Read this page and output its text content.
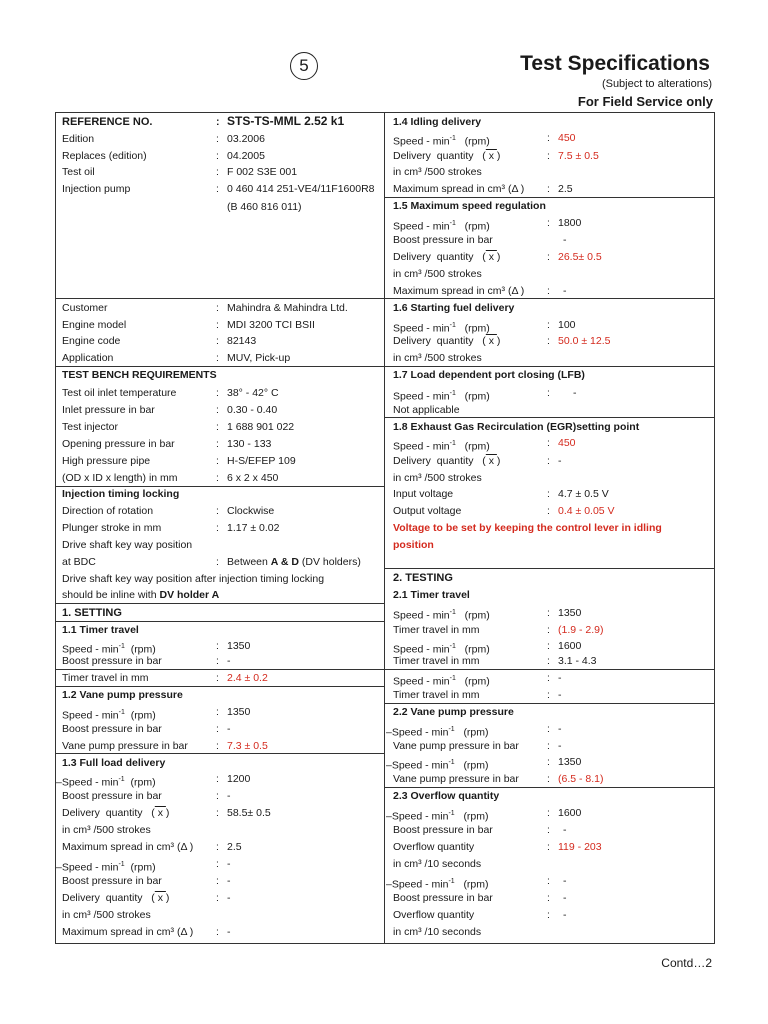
5	Test Specifications
(Subject to alterations)
For Field Service only
REFERENCE NO.	: STS-TS-MML 2.52 k1
Edition	: 03.2006
Replaces (edition)	: 04.2005
Test oil	: F 002 S3E 001
Injection pump	: 0 460 414 251-VE4/11F1600R8
(B 460 816 011)
Customer	: Mahindra & Mahindra Ltd.
Engine model	: MDI 3200 TCI BSII
Engine code	: 82143
Application	: MUV, Pick-up
TEST BENCH REQUIREMENTS
Test oil inlet temperature	: 38° - 42° C
Inlet pressure in bar	: 0.30 - 0.40
Test injector	: 1 688 901 022
Opening pressure in bar	: 130 - 133
High pressure pipe	: H-S/EFEP 109
(OD x ID x length) in mm	: 6 x 2 x 450
Injection timing locking
Direction of rotation	: Clockwise
Plunger stroke in mm	: 1.17 ± 0.02
Drive shaft key way position
at BDC	: Between A & D (DV holders)
Drive shaft key way position after injection timing locking
should be inline with DV holder A
1. SETTING
1.1 Timer travel
Speed - $\min^{-1} (rpm)$	: 1350
Boost pressure in bar	: -
Timer travel in mm	: 2.4 ± 0.2
1.2 Vane pump pressure
Speed - $\min^{-1} (rpm)$	: 1350
Boost pressure in bar	: -
Vane pump pressure in bar	: 7.3 ± 0.5
1.3 Full load delivery
–Speed - $\min^{-1} (rpm)$	: 1200
Boost pressure in bar	: -
Delivery  quantity   ( x )	: 58.5± 0.5
in cm³ /500 strokes
Maximum spread in cm³ (Δ ) : 2.5
–Speed - $\min^{-1} (rpm)$	: -
Boost pressure in bar	: -
Delivery  quantity   ( x )	: -
in cm³ /500 strokes
Maximum spread in cm³ (Δ ) : -
1.4 Idling delivery
Speed - $\min^{-1} (rpm)$	: 450
Delivery  quantity   ( x )	: 7.5 ± 0.5
in cm³ /500 strokes
Maximum spread in cm³ (Δ ) : 2.5
1.5 Maximum speed regulation
Speed - $\min^{-1} (rpm)$	: 1800
Boost pressure in bar	-
Delivery  quantity   ( x )	: 26.5± 0.5
in cm³ /500 strokes
Maximum spread in cm³ (Δ ) : -
1.6 Starting fuel delivery
Speed - $\min^{-1} (rpm)$	: 100
Delivery  quantity   ( x )	: 50.0 ± 12.5
in cm³ /500 strokes
1.7 Load dependent port closing (LFB)
Speed - $\min^{-1} (rpm)$	: -
Not applicable
1.8 Exhaust Gas Recirculation (EGR)setting point
Speed - $\min^{-1} (rpm)$	: 450
Delivery  quantity   ( x )	: -
in cm³ /500 strokes
Input voltage	: 4.7 ± 0.5 V
Output voltage	: 0.4 ± 0.05 V
Voltage to be set by keeping the control lever in idling
position
2. TESTING
2.1 Timer travel
Speed - $\min^{-1} (rpm)$	: 1350
Timer travel in mm	: (1.9 - 2.9)
Speed - $\min^{-1} (rpm)$	: 1600
Timer travel in mm	: 3.1 - 4.3
Speed - $\min^{-1} (rpm)$	: -
Timer travel in mm	: -
2.2 Vane pump pressure
–Speed - $\min^{-1} (rpm)$	: -
Vane pump pressure in bar	: -
–Speed - $\min^{-1} (rpm)$	: 1350
Vane pump pressure in bar	: (6.5 - 8.1)
2.3 Overflow quantity
–Speed - $\min^{-1} (rpm)$	: 1600
Boost pressure in bar	: -
Overflow quantity	: 119 - 203
in cm³ /10 seconds
–Speed - $\min^{-1} (rpm)$	: -
Boost pressure in bar	: -
Overflow quantity	: -
in cm³ /10 seconds
Contd…2
